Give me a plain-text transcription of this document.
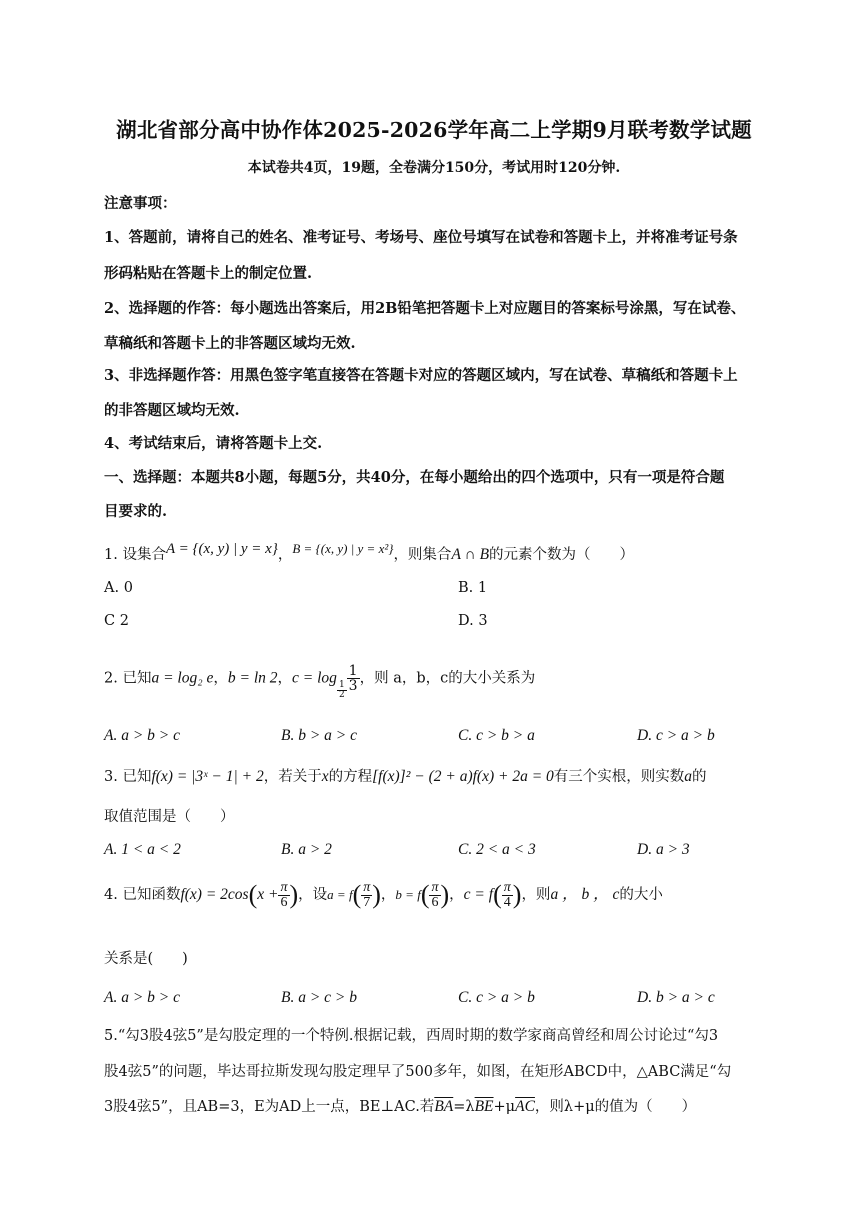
湖北省部分高中协作体2025-2026学年高二上学期9月联考数学试题
本试卷共4页，19题，全卷满分150分，考试用时120分钟.
注意事项：
1、答题前，请将自己的姓名、准考证号、考场号、座位号填写在试卷和答题卡上，并将准考证号条
形码粘贴在答题卡上的制定位置.
2、选择题的作答：每小题选出答案后，用2B铅笔把答题卡上对应题目的答案标号涂黑，写在试卷、
草稿纸和答题卡上的非答题区域均无效.
3、非选择题作答：用黑色签字笔直接答在答题卡对应的答题区域内，写在试卷、草稿纸和答题卡上
的非答题区域均无效.
4、考试结束后，请将答题卡上交.
一、选择题：本题共8小题，每题5分，共40分，在每小题给出的四个选项中，只有一项是符合题
目要求的.
1. 设集合A = {(x, y) | y = x}，B = {(x, y) | y = x²}，则集合A ∩ B的元素个数为（　　）
A. 0	B. 1
C 2	D. 3
2. 已知a = log₂ e，b = ln 2，c = log
$\frac{1}{2} \frac{1}{3}$ ，则 a，b，c的大小关系为
A. a > b > c	B. b > a > c	C. c > b > a	D. c > a > b
3. 已知f(x) = |3ˣ − 1| + 2，若关于x的方程[f(x)]² − (2 + a)f(x) + 2a = 0有三个实根，则实数a的
取值范围是（　　）
A. 1 < a < 2	B. a > 2	C. 2 < a < 3	D. a > 3
4. 已知函数$f(x) = 2\cos(x + \frac{\pi}{6}$ )，设$a = f( \frac{\pi}{7}$ )，$b = f( \frac{\pi}{6}$ )，$c = f( \frac{\pi}{4}$ )，则a ， b ， c的大小
关系是(　　)
A. a > b > c	B. a > c > b	C. c > a > b	D. b > a > c
5.“勾3股4弦5”是勾股定理的一个特例.根据记载，西周时期的数学家商高曾经和周公讨论过“勾3
股4弦5”的问题，毕达哥拉斯发现勾股定理早了500多年，如图，在矩形ABCD中，△ABC满足“勾
3股4弦5”，且AB=3，E为AD上一点，BE⊥AC.若$\overline{BA}=\lambda\overline{BE}+\mu\overline{AC}$，则λ+μ的值为（　　）
